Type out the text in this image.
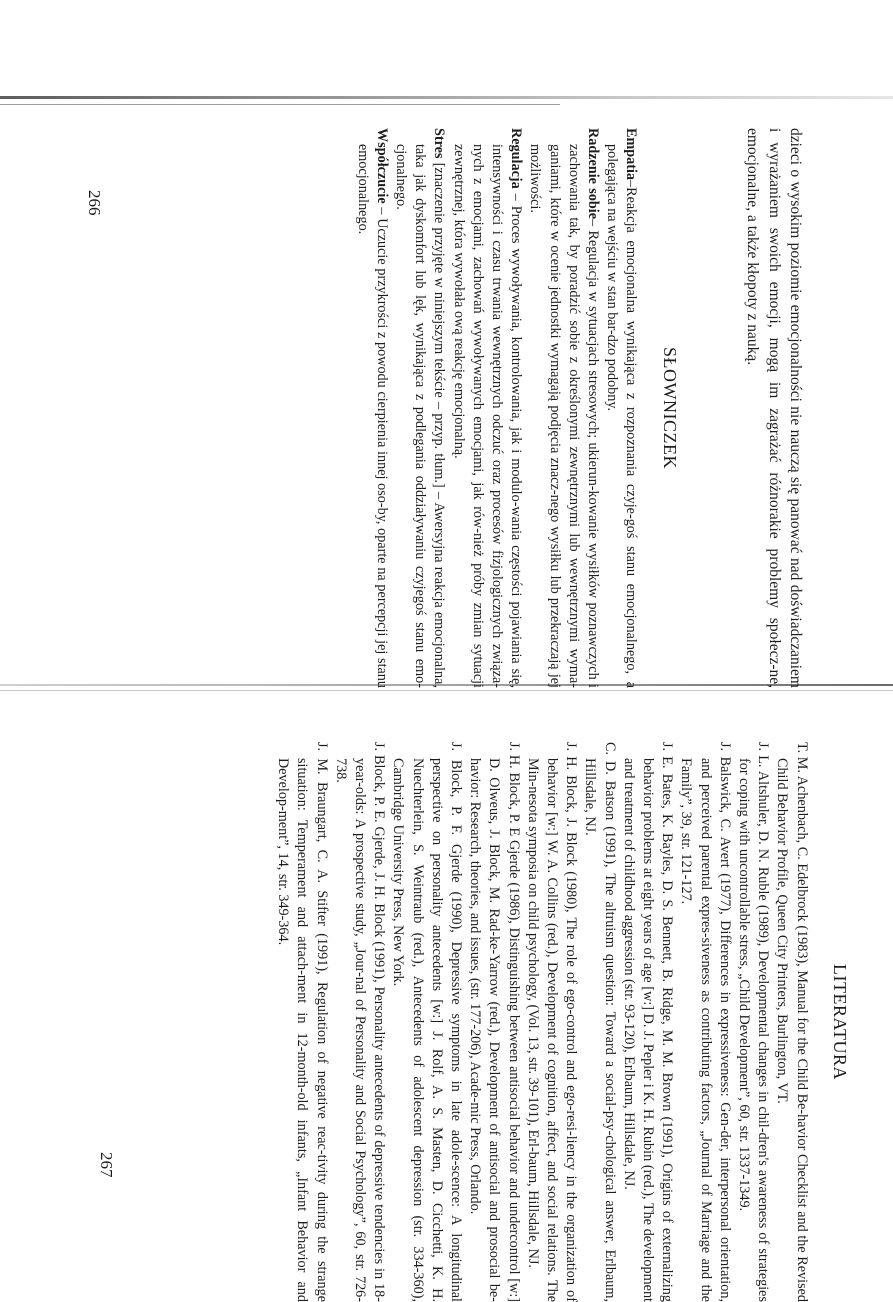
dzieci o wysokim poziomie emocjonalności nie nauczą się panować nad doświadczaniem i wyrażaniem swoich emocji, mogą im zagrażać różnorakie problemy społecz-ne, emocjonalne, a także kłopoty z nauką.

SŁOWNICZEK

Empatia–Reakcja emocjonalna wynikająca z rozpoznania czyje-goś stanu emocjonalnego, a polegająca na wejściu w stan bar-dzo podobny.

Radzenie sobie– Regulacja w sytuacjach stresowych; ukierun-kowanie wysiłków poznawczych i zachowania tak, by poradzić sobie z określonymi zewnętrznymi lub wewnętrznymi wyma-ganiami, które w ocenie jednostki wymagają podjęcia znacz-nego wysiłku lub przekraczają jej możliwości.

Regulacja – Proces wywoływania, kontrolowania, jak i modulo-wania częstości pojawiania się, intensywności i czasu trwania wewnętrznych odczuć oraz procesów fizjologicznych związa-nych z emocjami, zachowań wywoływanych emocjami, jak rów-nież próby zmian sytuacji zewnętrznej, która wywołała ową reakcję emocjonalną.

Stres [znaczenie przyjęte w niniejszym tekście – przyp. tłum.] – Awersyjna reakcja emocjonalna, taka jak dyskomfort lub lęk, wynikająca z podlegania oddziaływaniu czyjegoś stanu emo-cjonalnego.

Współczucie – Uczucie przykrości z powodu cierpienia innej oso-by, oparte na percepcji jej stanu emocjonalnego.

266
LITERATURA

T. M. Achenbach, C. Edelbrock (1983), Manual for the Child Be-havior Checklist and the Revised Child Behavior Profile, Queen City Printers, Burlington, VT.

J. L. Altshuler, D. N. Ruble (1989), Developmental changes in chil-dren's awareness of strategies for coping with uncontrollable stress, „Child Development”, 60, str. 1337-1349.

J. Balswick, C. Avert (1977), Differences in expressiveness: Gen-der, interpersonal orientation, and perceived parental expres-siveness as contributing factors, „Journal of Marriage and the Family”, 39, str. 121-127.

J. E. Bates, K. Bayles, D. S. Bennett, B. Ridge, M. M. Brown (1991), Origins of externalizing behavior problems at eight years of age [w:] D. J. Pepler i K. H. Rubin (red.), The development and treatment of childhood aggression (str. 93-120), Erlbaum, Hillsdale, NJ.

C. D. Batson (1991), The altruism question: Toward a social-psy-chological answer, Erlbaum, Hillsdale, NJ.

J. H. Block, J. Block (1980), The role of ego-control and ego-resi-liency in the organization of behavior [w:] W. A. Collins (red.), Development of cognition, affect, and social relations. The Min-nesota symposia on child psychology, (Vol. 13, str. 39-101), Erl-baum, Hillsdale, NJ.

J. H. Block, P. E Gjerde (1986), Distinguishing between antisocial behavior and undercontrol [w:] D. Olweus, J. Block, M. Rad-ke-Yarrow (red.), Development of antisocial and prosocial be-havior: Research, theories, and issues, (str. 177-206), Acade-mic Press, Orlando.

J. Block, P. F. Gjerde (1990), Depressive symptoms in late adole-scence: A longitudinal perspective on personality antecedents [w:] J. Rolf, A. S. Masten, D. Cicchetti, K. H. Nuechterlein, S. Weintraub (red.), Antecedents of adolescent depression (str. 334-360), Cambridge University Press, New York.

J. Block, P. E. Gjerde, J. H. Block (1991), Personality antecedents of depressive tendencies in 18-year-olds: A prospective study, „Jour-nal of Personality and Social Psychology”, 60, str. 726-738.

J. M. Braungart, C. A. Stifter (1991), Regulation of negative reac-tivity during the strange situation: Temperament and attach-ment in 12-month-old infants, „Infant Behavior and Develop-ment”, 14, str. 349-364.

267
